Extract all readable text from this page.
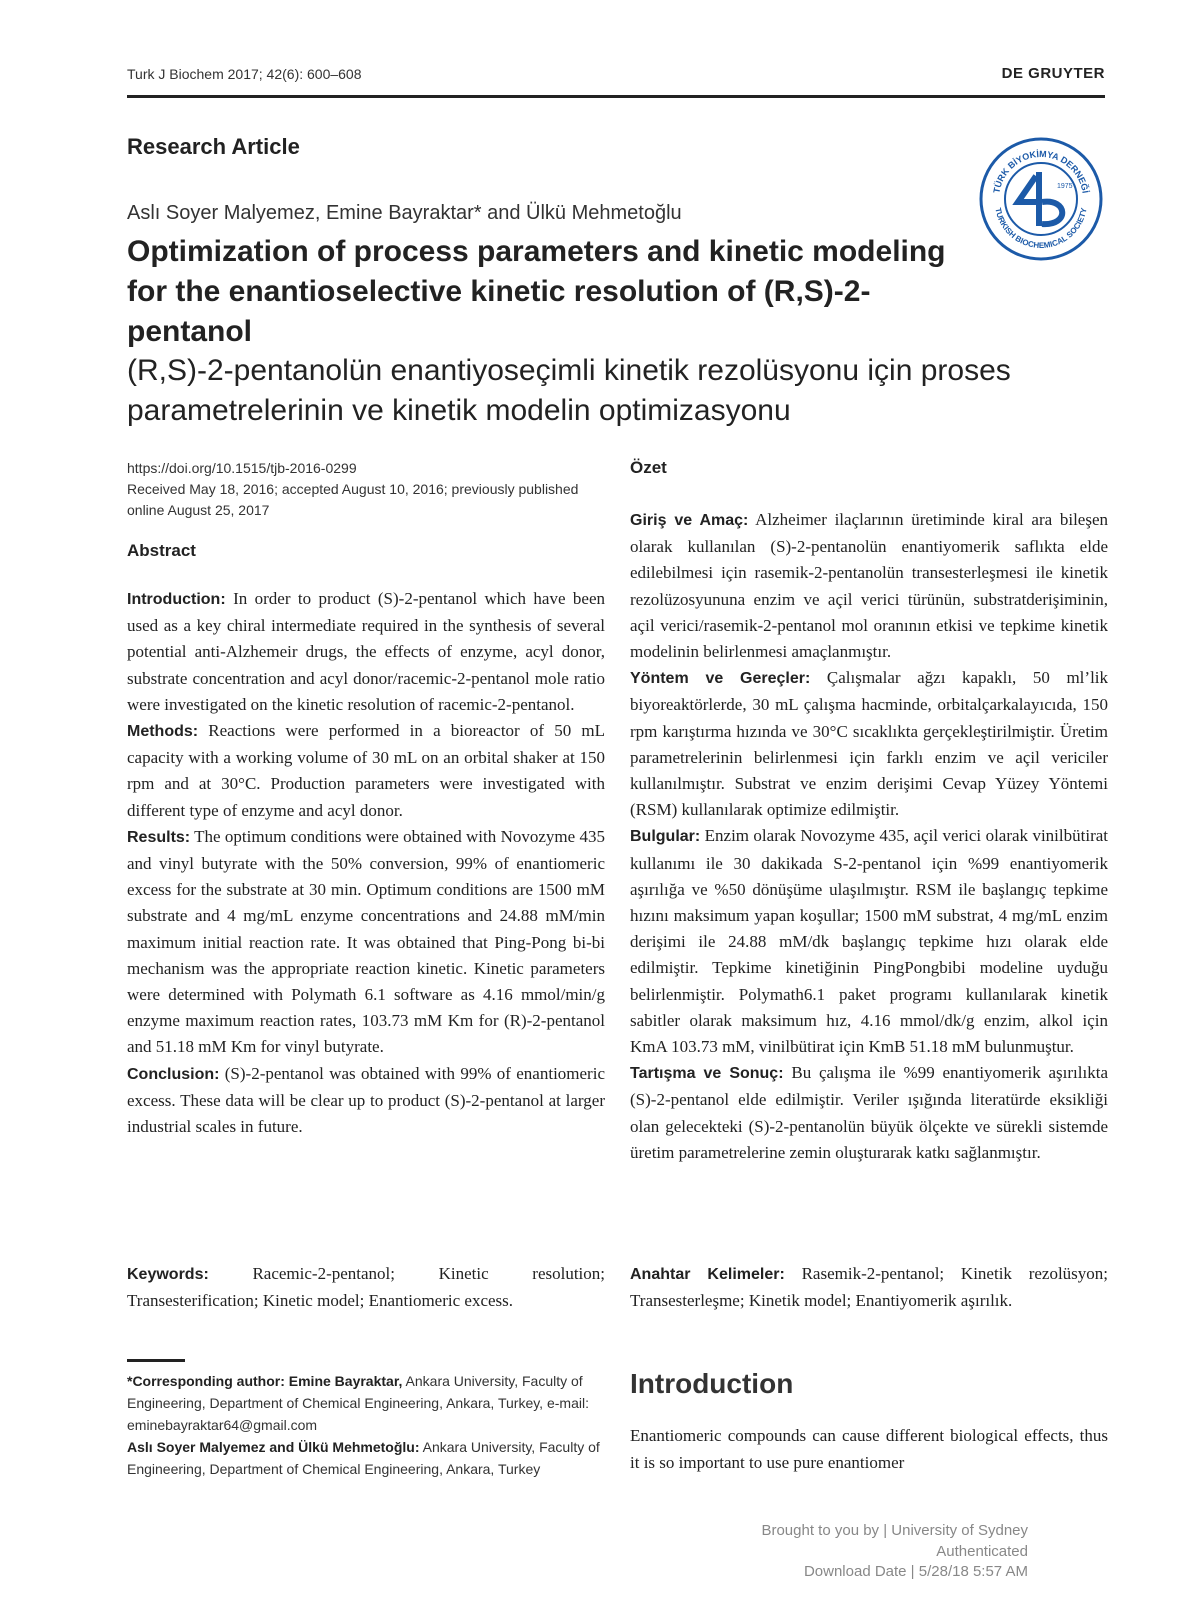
Turk J Biochem 2017; 42(6): 600–608	DE GRUYTER
Research Article
TÜRK BİYOKİMYA DERNEĞİ
TURKISH BIOCHEMICAL SOCIETY
1975
Aslı Soyer Malyemez, Emine Bayraktar* and Ülkü Mehmetoğlu
Optimization of process parameters and kinetic modeling for the enantioselective kinetic resolution of (R,S)-2-pentanol
(R,S)-2-pentanolün enantiyoseçimli kinetik rezolüsyonu için proses parametrelerinin ve kinetik modelin optimizasyonu
https://doi.org/10.1515/tjb-2016-0299
Received May 18, 2016; accepted August 10, 2016; previously published online August 25, 2017
Abstract
Özet

Introduction: In order to product (S)-2-pentanol which have been used as a key chiral intermediate required in the synthesis of several potential anti-Alzhemeir drugs, the effects of enzyme, acyl donor, substrate concentration and acyl donor/racemic-2-pentanol mole ratio were investigated on the kinetic resolution of racemic-2-pentanol.

Methods: Reactions were performed in a bioreactor of 50 mL capacity with a working volume of 30 mL on an orbital shaker at 150 rpm and at 30°C. Production parameters were investigated with different type of enzyme and acyl donor.

Results: The optimum conditions were obtained with Novozyme 435 and vinyl butyrate with the 50% conversion, 99% of enantiomeric excess for the substrate at 30 min. Optimum conditions are 1500 mM substrate and 4 mg/mL enzyme concentrations and 24.88 mM/min maximum initial reaction rate. It was obtained that Ping-Pong bi-bi mechanism was the appropriate reaction kinetic. Kinetic parameters were determined with Polymath 6.1 software as 4.16 mmol/min/g enzyme maximum reaction rates, 103.73 mM Km for (R)-2-pentanol and 51.18 mM Km for vinyl butyrate.

Conclusion: (S)-2-pentanol was obtained with 99% of enantiomeric excess. These data will be clear up to product (S)-2-pentanol at larger industrial scales in future.

Giriş ve Amaç: Alzheimer ilaçlarının üretiminde kiral ara bileşen olarak kullanılan (S)-2-pentanolün enantiyomerik saflıkta elde edilebilmesi için rasemik-2-pentanolün transesterleşmesi ile kinetik rezolüzosyununa enzim ve açil verici türünün, substratderişiminin, açil verici/rasemik-2-pentanol mol oranının etkisi ve tepkime kinetik modelinin belirlenmesi amaçlanmıştır.

Yöntem ve Gereçler: Çalışmalar ağzı kapaklı, 50 ml’lik biyoreaktörlerde, 30 mL çalışma hacminde, orbitalçarkalayıcıda, 150 rpm karıştırma hızında ve 30°C sıcaklıkta gerçekleştirilmiştir. Üretim parametrelerinin belirlenmesi için farklı enzim ve açil vericiler kullanılmıştır. Substrat ve enzim derişimi Cevap Yüzey Yöntemi (RSM) kullanılarak optimize edilmiştir.

Bulgular: Enzim olarak Novozyme 435, açil verici olarak vinilbütirat kullanımı ile 30 dakikada S-2-pentanol için %99 enantiyomerik aşırılığa ve %50 dönüşüme ulaşılmıştır. RSM ile başlangıç tepkime hızını maksimum yapan koşullar; 1500 mM substrat, 4 mg/mL enzim derişimi ile 24.88 mM/dk başlangıç tepkime hızı olarak elde edilmiştir. Tepkime kinetiğinin PingPongbibi modeline uyduğu belirlenmiştir. Polymath6.1 paket programı kullanılarak kinetik sabitler olarak maksimum hız, 4.16 mmol/dk/g enzim, alkol için KmA 103.73 mM, vinilbütirat için KmB 51.18 mM bulunmuştur.

Tartışma ve Sonuç: Bu çalışma ile %99 enantiyomerik aşırılıkta (S)-2-pentanol elde edilmiştir. Veriler ışığında literatürde eksikliği olan gelecekteki (S)-2-pentanolün büyük ölçekte ve sürekli sistemde üretim parametrelerine zemin oluşturarak katkı sağlanmıştır.

Keywords:	Racemic-2-pentanol; Kinetic resolution; Transesterification; Kinetic model; Enantiomeric excess.
Anahtar Kelimeler: Rasemik-2-pentanol; Kinetik rezolüsyon; Transesterleşme; Kinetik model; Enantiyomerik aşırılık.

*Corresponding author: Emine Bayraktar, Ankara University, Faculty of Engineering, Department of Chemical Engineering, Ankara, Turkey, e-mail: eminebayraktar64@gmail.com

Aslı Soyer Malyemez and Ülkü Mehmetoğlu: Ankara University, Faculty of Engineering, Department of Chemical Engineering, Ankara, Turkey

Introduction
Enantiomeric compounds can cause different biological effects, thus it is so important to use pure enantiomer
Brought to you by | University of Sydney
Authenticated
Download Date | 5/28/18 5:57 AM
